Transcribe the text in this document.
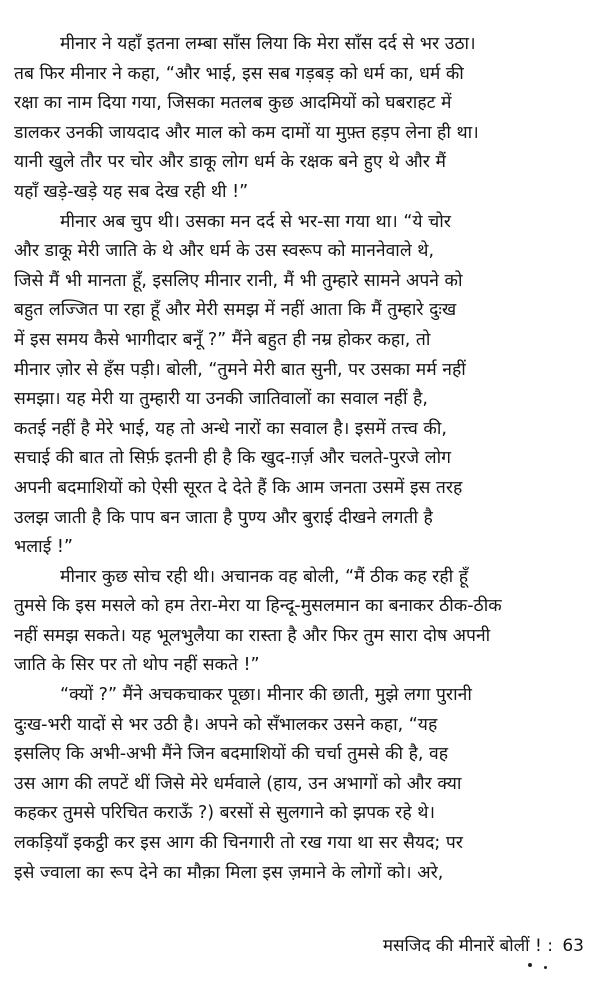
मीनार ने यहाँ इतना लम्बा साँस लिया कि मेरा साँस दर्द से भर उठा।
तब फिर मीनार ने कहा, “और भाई, इस सब गड़बड़ को धर्म का, धर्म की
रक्षा का नाम दिया गया, जिसका मतलब कुछ आदमियों को घबराहट में
डालकर उनकी जायदाद और माल को कम दामों या मुफ़्त हड़प लेना ही था।
यानी खुले तौर पर चोर और डाकू लोग धर्म के रक्षक बने हुए थे और मैं
यहाँ खड़े-खड़े यह सब देख रही थी !”
मीनार अब चुप थी। उसका मन दर्द से भर-सा गया था। “ये चोर
और डाकू मेरी जाति के थे और धर्म के उस स्वरूप को माननेवाले थे,
जिसे मैं भी मानता हूँ, इसलिए मीनार रानी, मैं भी तुम्हारे सामने अपने को
बहुत लज्जित पा रहा हूँ और मेरी समझ में नहीं आता कि मैं तुम्हारे दुःख
में इस समय कैसे भागीदार बनूँ ?” मैंने बहुत ही नम्र होकर कहा, तो
मीनार ज़ोर से हँस पड़ी। बोली, “तुमने मेरी बात सुनी, पर उसका मर्म नहीं
समझा। यह मेरी या तुम्हारी या उनकी जातिवालों का सवाल नहीं है,
कतई नहीं है मेरे भाई, यह तो अन्धे नारों का सवाल है। इसमें तत्त्व की,
सचाई की बात तो सिर्फ़ इतनी ही है कि खुद-ग़र्ज़ और चलते-पुरजे लोग
अपनी बदमाशियों को ऐसी सूरत दे देते हैं कि आम जनता उसमें इस तरह
उलझ जाती है कि पाप बन जाता है पुण्य और बुराई दीखने लगती है
भलाई !”
मीनार कुछ सोच रही थी। अचानक वह बोली, “मैं ठीक कह रही हूँ
तुमसे कि इस मसले को हम तेरा-मेरा या हिन्दू-मुसलमान का बनाकर ठीक-ठीक
नहीं समझ सकते। यह भूलभुलैया का रास्ता है और फिर तुम सारा दोष अपनी
जाति के सिर पर तो थोप नहीं सकते !”
“क्यों ?” मैंने अचकचाकर पूछा। मीनार की छाती, मुझे लगा पुरानी
दुःख-भरी यादों से भर उठी है। अपने को सँभालकर उसने कहा, “यह
इसलिए कि अभी-अभी मैंने जिन बदमाशियों की चर्चा तुमसे की है, वह
उस आग की लपटें थीं जिसे मेरे धर्मवाले (हाय, उन अभागों को और क्या
कहकर तुमसे परिचित कराऊँ ?) बरसों से सुलगाने को झपक रहे थे।
लकड़ियाँ इकट्ठी कर इस आग की चिनगारी तो रख गया था सर सैयद; पर
इसे ज्वाला का रूप देने का मौक़ा मिला इस ज़माने के लोगों को। अरे,
मसजिद की मीनारें बोलीं ! : 63
